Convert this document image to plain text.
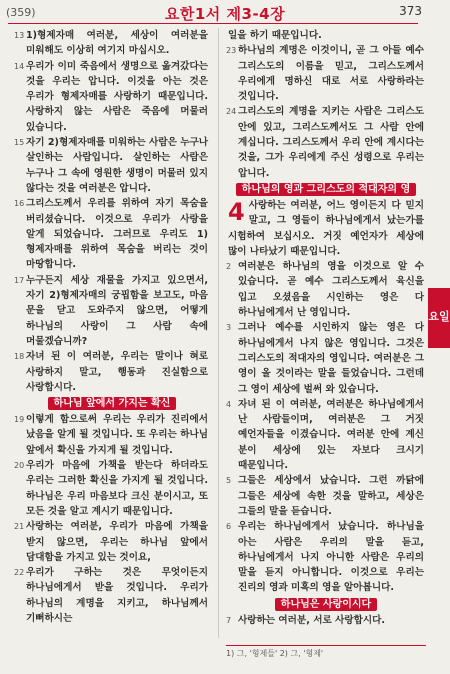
(359)	요한1서 제3-4장	373

13 1)형제자매 여러분, 세상이 여러분을 미워해도 이상히 여기지 마십시오.

14 우리가 이미 죽음에서 생명으로 옮겨갔다는 것을 우리는 압니다. 이것을 아는 것은 우리가 형제자매를 사랑하기 때문입니다. 사랑하지 않는 사람은 죽음에 머물러 있습니다.

15 자기 2)형제자매를 미워하는 사람은 누구나 살인하는 사람입니다. 살인하는 사람은 누구나 그 속에 영원한 생명이 머물러 있지 않다는 것을 여러분은 압니다.

16 그리스도께서 우리를 위하여 자기 목숨을 버리셨습니다. 이것으로 우리가 사랑을 알게 되었습니다. 그러므로 우리도 1)형제자매를 위하여 목숨을 버리는 것이 마땅합니다.

17 누구든지 세상 재물을 가지고 있으면서, 자기 2)형제자매의 궁핍함을 보고도, 마음 문을 닫고 도와주지 않으면, 어떻게 하나님의 사랑이 그 사람 속에 머물겠습니까?

18 자녀 된 이 여러분, 우리는 말이나 혀로 사랑하지 말고, 행동과 진실함으로 사랑합시다.

하나님 앞에서 가지는 확신

19 이렇게 함으로써 우리는 우리가 진리에서 났음을 알게 될 것입니다. 또 우리는 하나님 앞에서 확신을 가지게 될 것입니다.

20 우리가 마음에 가책을 받는다 하더라도 우리는 그러한 확신을 가지게 될 것입니다. 하나님은 우리 마음보다 크신 분이시고, 또 모든 것을 알고 계시기 때문입니다.

21 사랑하는 여러분, 우리가 마음에 가책을 받지 않으면, 우리는 하나님 앞에서 담대함을 가지고 있는 것이요,

22 우리가 구하는 것은 무엇이든지 하나님에게서 받을 것입니다. 우리가 하나님의 계명을 지키고, 하나님께서 기뻐하시는

일을 하기 때문입니다.

23 하나님의 계명은 이것이니, 곧 그 아들 예수 그리스도의 이름을 믿고, 그리스도께서 우리에게 명하신 대로 서로 사랑하라는 것입니다.

24 그리스도의 계명을 지키는 사람은 그리스도 안에 있고, 그리스도께서도 그 사람 안에 계십니다. 그리스도께서 우리 안에 계시다는 것을, 그가 우리에게 주신 성령으로 우리는 압니다.

하나님의 영과 그리스도의 적대자의 영
4 사랑하는 여러분, 어느 영이든지 다 믿지 말고, 그 영들이 하나님에게서 났는가를 시험하여 보십시오. 거짓 예언자가 세상에 많이 나타났기 때문입니다.

2 여러분은 하나님의 영을 이것으로 알 수 있습니다. 곧 예수 그리스도께서 육신을 입고 오셨음을 시인하는 영은 다 하나님에게서 난 영입니다.

3 그러나 예수를 시인하지 않는 영은 다 하나님에게서 나지 않은 영입니다. 그것은 그리스도의 적대자의 영입니다. 여러분은 그 영이 올 것이라는 말을 들었습니다. 그런데 그 영이 세상에 벌써 와 있습니다.

4 자녀 된 이 여러분, 여러분은 하나님에게서 난 사람들이며, 여러분은 그 거짓 예언자들을 이겼습니다. 여러분 안에 계신 분이 세상에 있는 자보다 크시기 때문입니다.

5 그들은 세상에서 났습니다. 그런 까닭에 그들은 세상에 속한 것을 말하고, 세상은 그들의 말을 듣습니다.

6 우리는 하나님에게서 났습니다. 하나님을 아는 사람은 우리의 말을 듣고, 하나님에게서 나지 아니한 사람은 우리의 말을 듣지 아니합니다. 이것으로 우리는 진리의 영과 미혹의 영을 알아봅니다.

하나님은 사랑이시다

7 사랑하는 여러분, 서로 사랑합시다.

요일
1) 그, '형제들' 2) 그, '형제'
